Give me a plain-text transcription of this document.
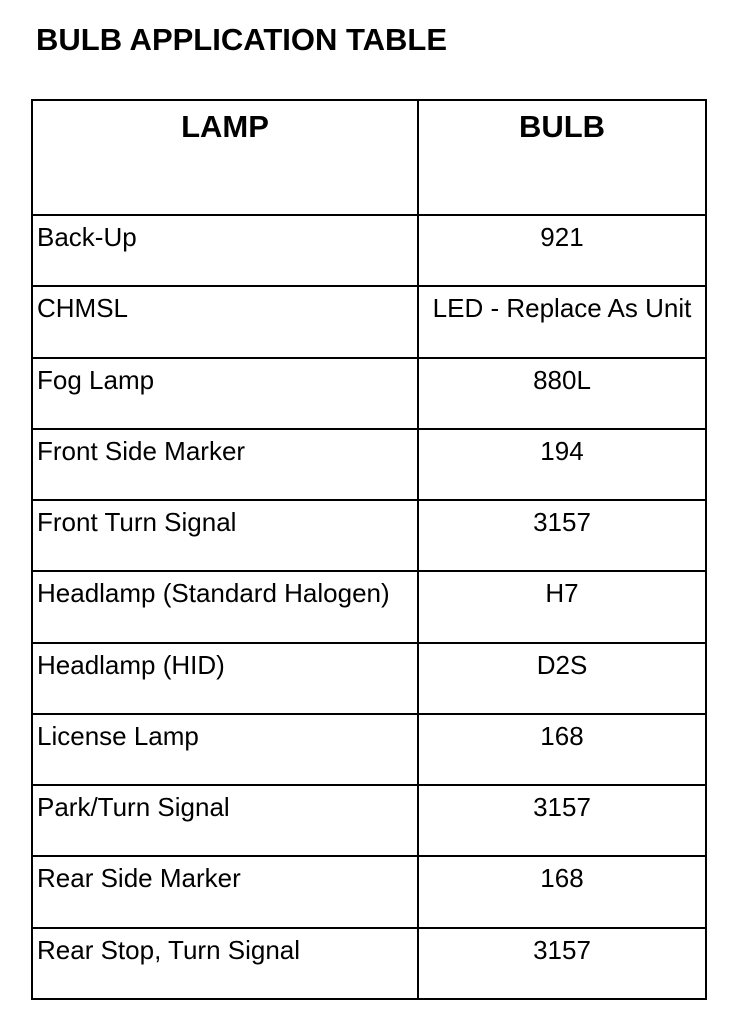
BULB APPLICATION TABLE
LAMP	BULB
Back-Up	921
CHMSL	LED - Replace As Unit
Fog Lamp	880L
Front Side Marker	194
Front Turn Signal	3157
Headlamp (Standard Halogen)	H7
Headlamp (HID)	D2S
License Lamp	168
Park/Turn Signal	3157
Rear Side Marker	168
Rear Stop, Turn Signal	3157
